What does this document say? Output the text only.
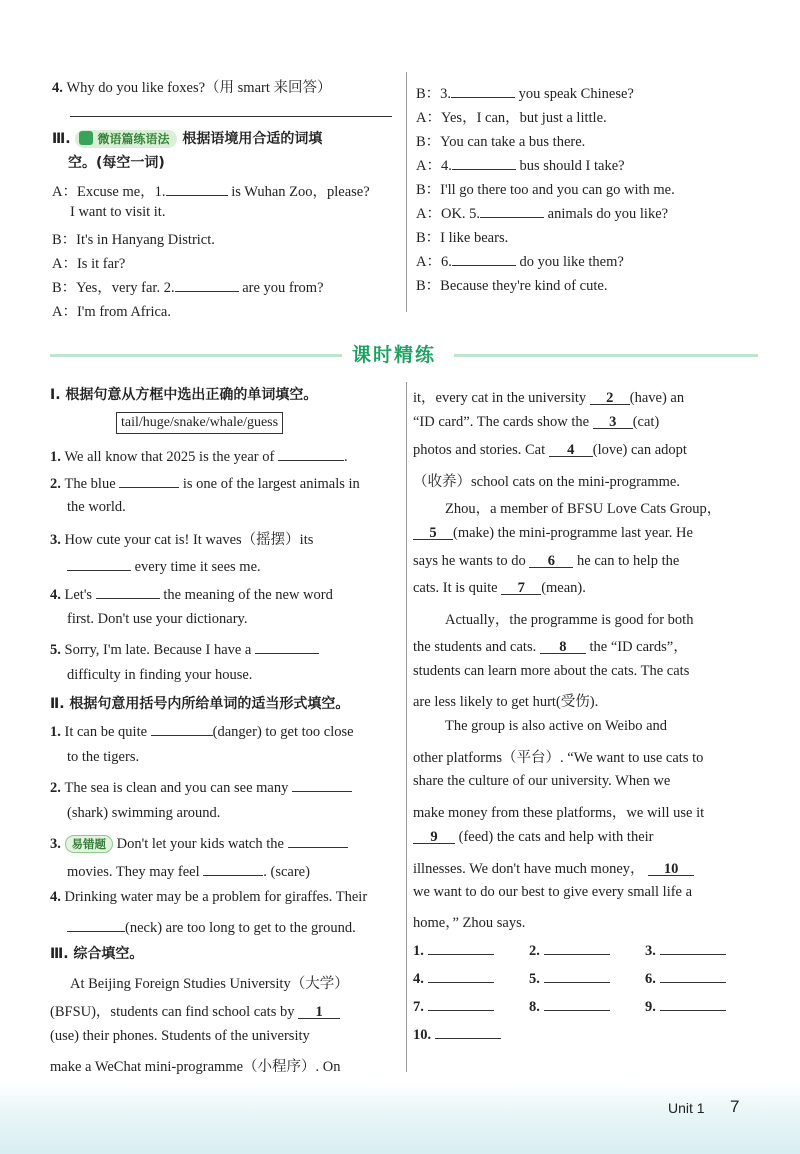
4. Why do you like foxes?（用 smart 来回答）
Ⅲ. 微语篇练语法 根据语境用合适的词填
空。(每空一词)
A：Excuse me，1.	is Wuhan Zoo，please?
I want to visit it.
B：It's in Hanyang District.
A：Is it far?
B：Yes，very far. 2.	are you from?
A：I'm from Africa.
B：3.	you speak Chinese?
A：Yes，I can，but just a little.
B：You can take a bus there.
A：4.	bus should I take?
B：I'll go there too and you can go with me.
A：OK. 5.	animals do you like?
B：I like bears.
A：6.	do you like them?
B：Because they're kind of cute.
课时精练
Ⅰ. 根据句意从方框中选出正确的单词填空。
tail/huge/snake/whale/guess
1. We all know that 2025 is the year of	.
2. The blue	is one of the largest animals in
the world.
3. How cute your cat is! It waves（摇摆）its
every time it sees me.
4. Let's	the meaning of the new word
first. Don't use your dictionary.
5. Sorry, I'm late. Because I have a
difficulty in finding your house.
Ⅱ. 根据句意用括号内所给单词的适当形式填空。
1. It can be quite	(danger) to get too close
to the tigers.
2. The sea is clean and you can see many
(shark) swimming around.
3. 易错题 Don't let your kids watch the
movies. They may feel	. (scare)
4. Drinking water may be a problem for giraffes. Their
(neck) are too long to get to the ground.
Ⅲ. 综合填空。
At Beijing Foreign Studies University（大学）
(BFSU)，students can find school cats by 1
(use) their phones. Students of the university
make a WeChat mini-programme（小程序）. On
it，every cat in the university 2 (have) an
“ID card”. The cards show the 3 (cat)
photos and stories. Cat 4 (love) can adopt
（收养）school cats on the mini-programme.
Zhou，a member of BFSU Love Cats Group，
5 (make) the mini-programme last year. He
says he wants to do 6 he can to help the
cats. It is quite 7 (mean).
Actually，the programme is good for both
the students and cats. 8 the “ID cards”，
students can learn more about the cats. The cats
are less likely to get hurt(受伤).
The group is also active on Weibo and
other platforms（平台）. “We want to use cats to
share the culture of our university. When we
make money from these platforms，we will use it
9 (feed) the cats and help with their
illnesses. We don't have much money， 10
we want to do our best to give every small life a
home，” Zhou says.
1.	2.	3.
4.	5.	6.
7.	8.	9.
10.
Unit 1 7
